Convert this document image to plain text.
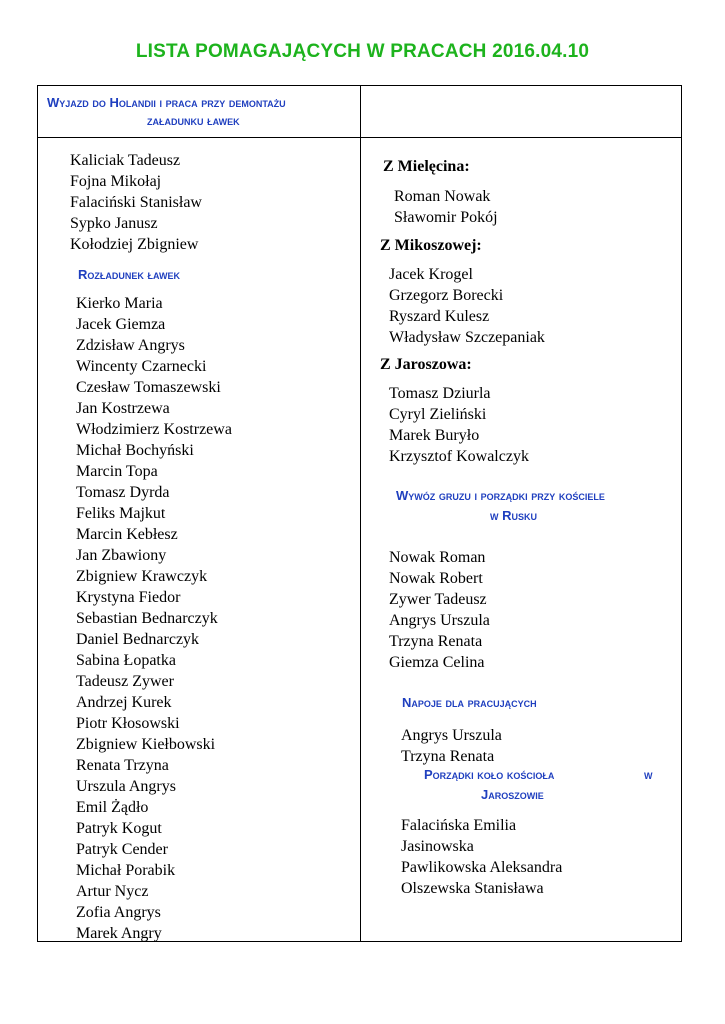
LISTA POMAGAJĄCYCH W PRACACH 2016.04.10
Wyjazd do Holandii i praca przy demontażu
załadunku ławek
Kaliciak Tadeusz
Fojna Mikołaj
Falaciński Stanisław
Sypko Janusz
Kołodziej Zbigniew
Rozładunek ławek
Kierko Maria
Jacek Giemza
Zdzisław Angrys
Wincenty Czarnecki
Czesław Tomaszewski
Jan Kostrzewa
Włodzimierz Kostrzewa
Michał Bochyński
Marcin Topa
Tomasz Dyrda
Feliks Majkut
Marcin Kebłesz
Jan Zbawiony
Zbigniew Krawczyk
Krystyna Fiedor
Sebastian Bednarczyk
Daniel Bednarczyk
Sabina Łopatka
Tadeusz Zywer
Andrzej Kurek
Piotr Kłosowski
Zbigniew Kiełbowski
Renata Trzyna
Urszula Angrys
Emil Żądło
Patryk Kogut
Patryk Cender
Michał Porabik
Artur Nycz
Zofia Angrys
Marek Angry
Z Mielęcina:
Roman Nowak
Sławomir Pokój
Z Mikoszowej:
Jacek Krogel
Grzegorz Borecki
Ryszard Kulesz
Władysław Szczepaniak
Z Jaroszowa:
Tomasz Dziurla
Cyryl Zieliński
Marek Buryło
Krzysztof Kowalczyk
Wywóz gruzu i porządki przy kościele
w Rusku
Nowak Roman
Nowak Robert
Zywer Tadeusz
Angrys Urszula
Trzyna Renata
Giemza Celina
Napoje dla pracujących
Angrys Urszula
Trzyna Renata
Porządki koło kościoła	w
Jaroszowie
Falacińska Emilia
Jasinowska
Pawlikowska Aleksandra
Olszewska Stanisława
